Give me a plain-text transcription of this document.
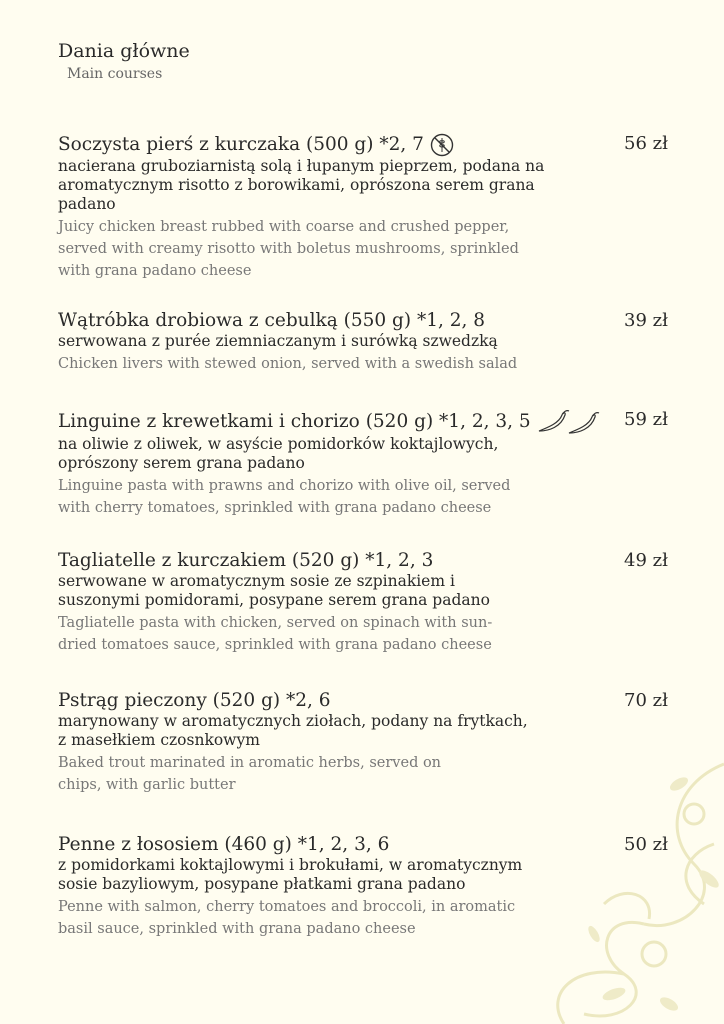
Dania główne
Main courses
Soczysta pierś z kurczaka (500 g) *2, 7	56 zł
nacierana gruboziarnistą solą i łupanym pieprzem, podana na aromatycznym risotto z borowikami, oprószona serem grana padano
Juicy chicken breast rubbed with coarse and crushed pepper, served with creamy risotto with boletus mushrooms, sprinkled with grana padano cheese
Wątróbka drobiowa z cebulką (550 g) *1, 2, 8	39 zł
serwowana z purée ziemniaczanym i surówką szwedzką
Chicken livers with stewed onion, served with a swedish salad
Linguine z krewetkami i chorizo (520 g) *1, 2, 3, 5	59 zł
na oliwie z oliwek, w asyście pomidorków koktajlowych, oprószony serem grana padano
Linguine pasta with prawns and chorizo with olive oil, served with cherry tomatoes, sprinkled with grana padano cheese
Tagliatelle z kurczakiem (520 g) *1, 2, 3	49 zł
serwowane w aromatycznym sosie ze szpinakiem i suszonymi pomidorami, posypane serem grana padano
Tagliatelle pasta with chicken, served on spinach with sun-dried tomatoes sauce, sprinkled with grana padano cheese
Pstrąg pieczony (520 g) *2, 6	70 zł
marynowany w aromatycznych ziołach, podany na frytkach, z masełkiem czosnkowym
Baked trout marinated in aromatic herbs, served on chips, with garlic butter
Penne z łososiem (460 g) *1, 2, 3, 6	50 zł
z pomidorkami koktajlowymi i brokułami, w aromatycznym sosie bazyliowym, posypane płatkami grana padano
Penne with salmon, cherry tomatoes and broccoli, in aromatic basil sauce, sprinkled with grana padano cheese
